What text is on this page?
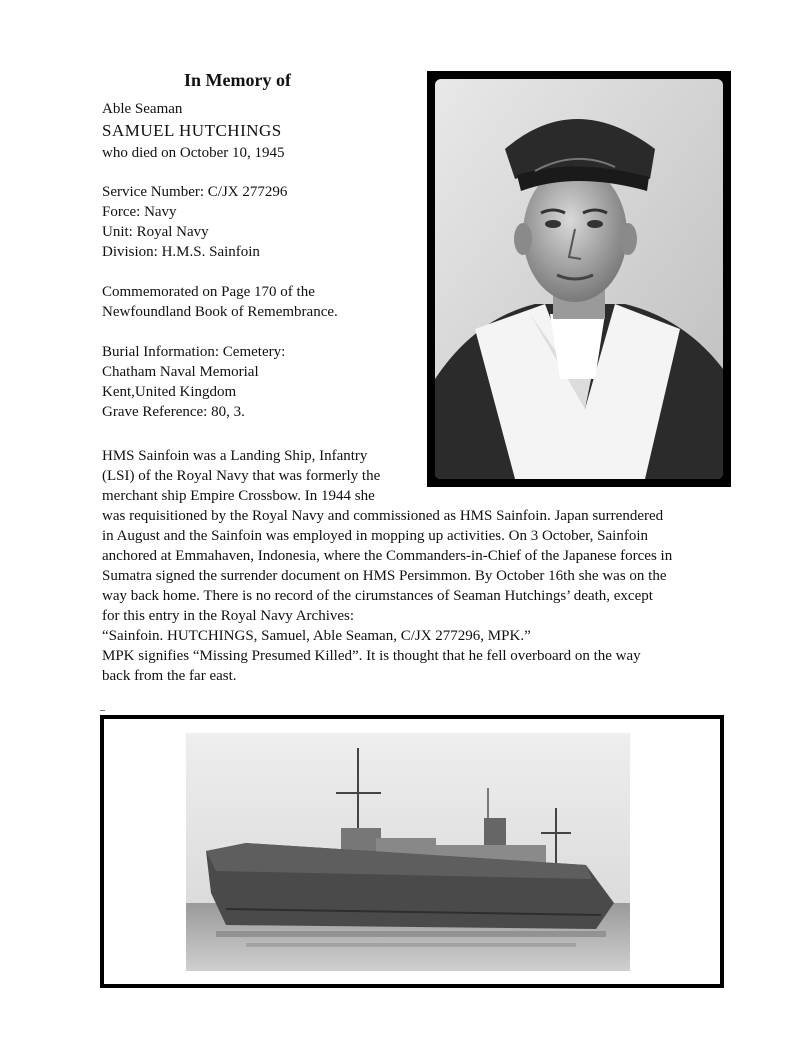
In Memory of
Able Seaman
SAMUEL HUTCHINGS
who died on October 10, 1945
Service Number: C/JX 277296
Force: Navy
Unit: Royal Navy
Division: H.M.S. Sainfoin
Commemorated on Page 170 of the
Newfoundland Book of Remembrance.
Burial Information: Cemetery:
Chatham Naval Memorial
Kent,United Kingdom
Grave Reference: 80, 3.
HMS Sainfoin was a Landing Ship, Infantry
(LSI) of the Royal Navy that was formerly the
merchant ship Empire Crossbow. In 1944 she
was requisitioned by the Royal Navy and commissioned as HMS Sainfoin. Japan surrendered
in August and the Sainfoin was employed in mopping up activities. On 3 October, Sainfoin
anchored at Emmahaven, Indonesia, where the Commanders-in-Chief of the Japanese forces in
Sumatra signed the surrender document on HMS Persimmon. By October 16th she was on the
way back home. There is no record of the cirumstances of Seaman Hutchings’ death, except
for this entry in the Royal Navy Archives:
“Sainfoin. HUTCHINGS, Samuel, Able Seaman, C/JX 277296, MPK.”
MPK signifies “Missing Presumed Killed”. It is thought that he fell overboard on the way
back from the far east.
